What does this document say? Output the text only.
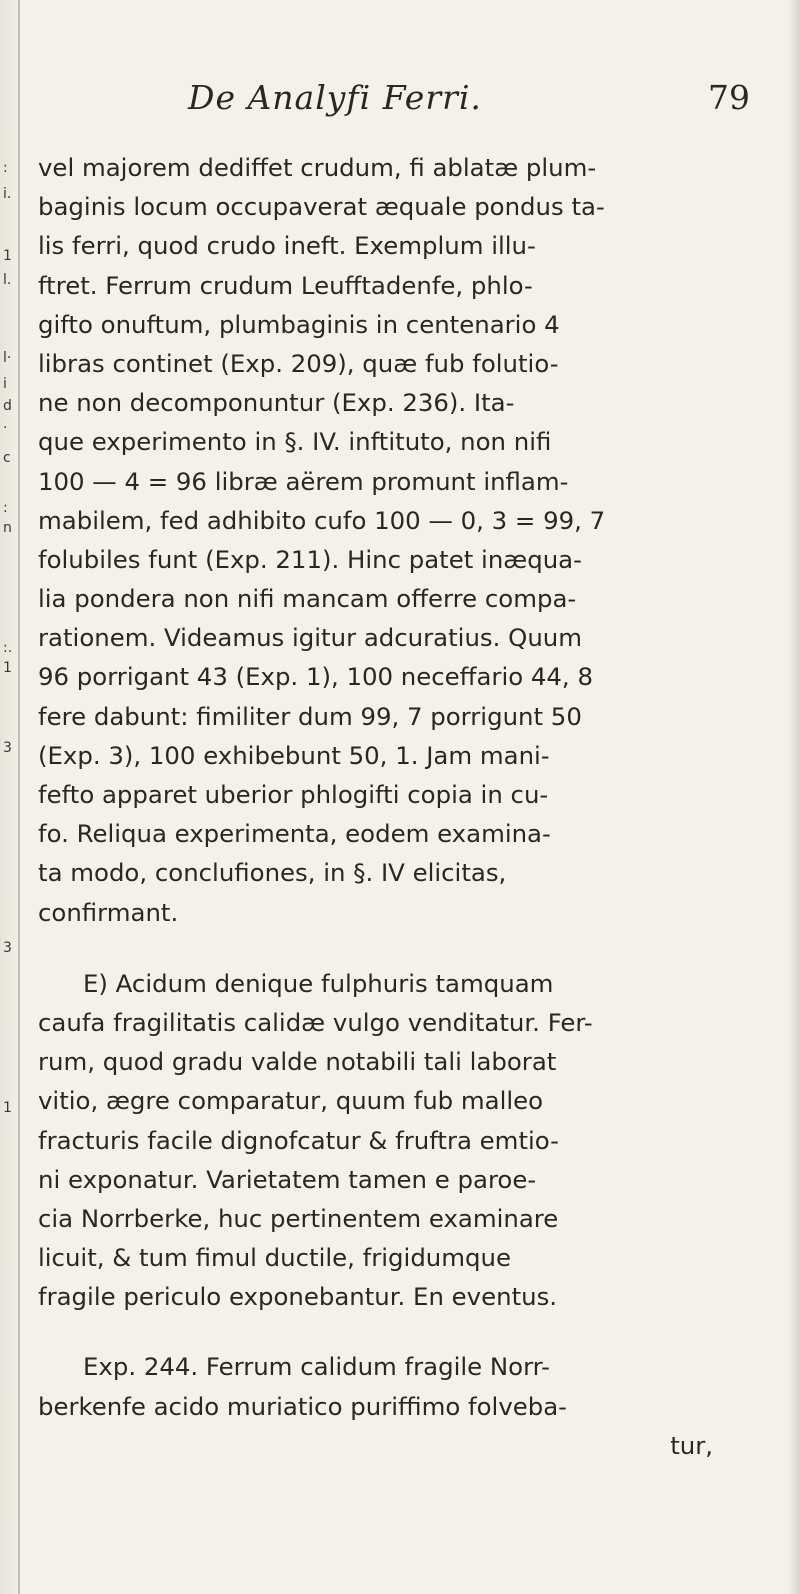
:
i.
1
l.
l·
i
d
·
c
:
n
:.
1
3
3
1
De Analyfi Ferri.	79
vel majorem dediffet crudum, fi ablatæ plum-
baginis locum occupaverat æquale pondus ta-
lis ferri, quod crudo ineft. Exemplum illu-
ftret. Ferrum crudum Leufftadenfe, phlo-
gifto onuftum, plumbaginis in centenario 4
libras continet (Exp. 209), quæ fub folutio-
ne non decomponuntur (Exp. 236). Ita-
que experimento in §. IV. inftituto, non nifi
100 — 4 = 96 libræ aërem promunt inflam-
mabilem, fed adhibito cufo 100 — 0, 3 = 99, 7
folubiles funt (Exp. 211). Hinc patet inæqua-
lia pondera non nifi mancam offerre compa-
rationem. Videamus igitur adcuratius. Quum
96 porrigant 43 (Exp. 1), 100 neceffario 44, 8
fere dabunt: fimiliter dum 99, 7 porrigunt 50
(Exp. 3), 100 exhibebunt 50, 1. Jam mani-
fefto apparet uberior phlogifti copia in cu-
fo. Reliqua experimenta, eodem examina-
ta modo, conclufiones, in §. IV elicitas,
confirmant.
E) Acidum denique fulphuris tamquam
caufa fragilitatis calidæ vulgo venditatur. Fer-
rum, quod gradu valde notabili tali laborat
vitio, ægre comparatur, quum fub malleo
fracturis facile dignofcatur & fruftra emtio-
ni exponatur. Varietatem tamen e paroe-
cia Norrberke, huc pertinentem examinare
licuit, & tum fimul ductile, frigidumque
fragile periculo exponebantur. En eventus.
Exp. 244. Ferrum calidum fragile Norr-
berkenfe acido muriatico puriffimo folveba-
tur,
